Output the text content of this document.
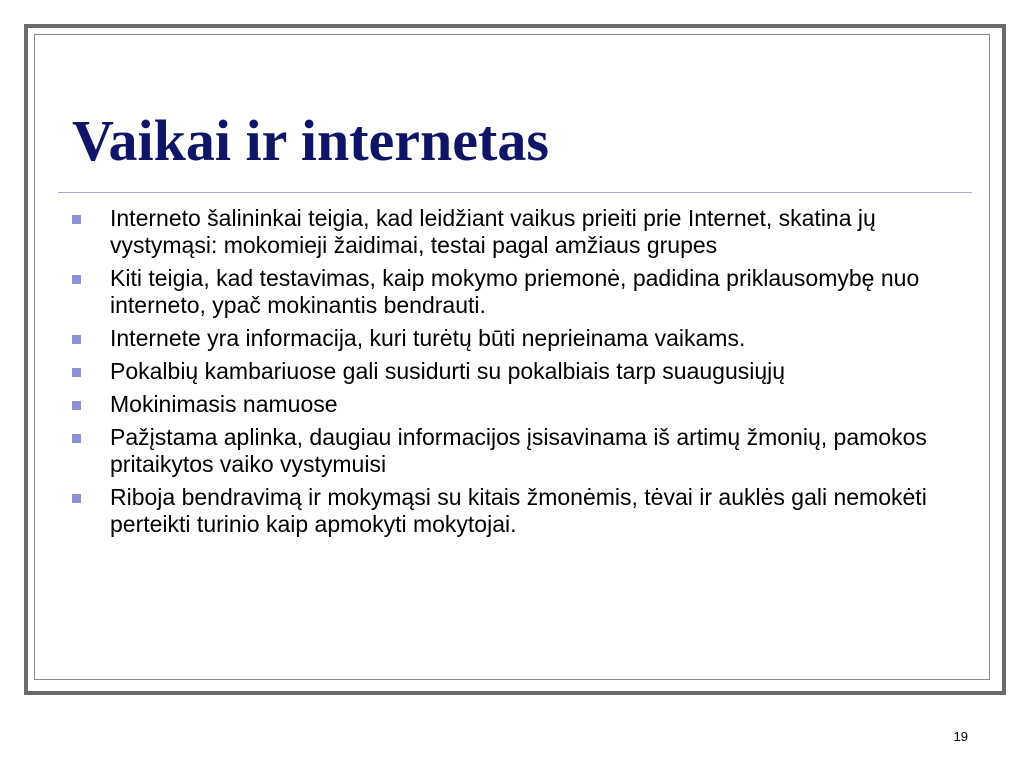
Vaikai ir internetas
Interneto šalininkai teigia, kad leidžiant vaikus prieiti prie Internet, skatina jų vystymąsi: mokomieji žaidimai, testai pagal amžiaus grupes
Kiti teigia, kad testavimas, kaip mokymo priemonė, padidina priklausomybę nuo interneto, ypač mokinantis bendrauti.
Internete yra informacija, kuri turėtų būti neprieinama vaikams.
Pokalbių kambariuose gali susidurti su pokalbiais tarp suaugusiųjų
Mokinimasis namuose
Pažįstama aplinka, daugiau informacijos įsisavinama iš artimų žmonių, pamokos pritaikytos vaiko vystymuisi
Riboja bendravimą ir mokymąsi su kitais žmonėmis, tėvai ir auklės gali nemokėti perteikti turinio kaip apmokyti mokytojai.
19
